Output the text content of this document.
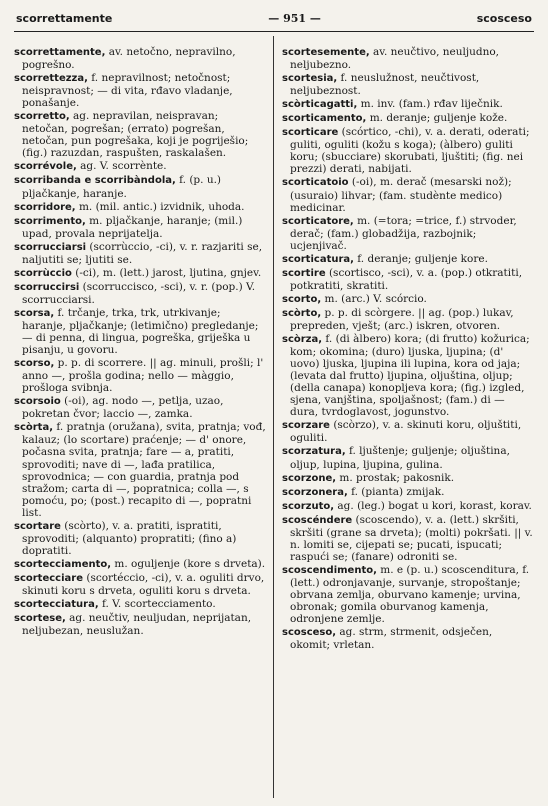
scorrettamente	— 951 —	scosceso

scorrettamente, av. netočno, nepravilno, pogrešno.

scorrettezza, f. nepravilnost; netočnost; neispravnost; — di vita, rđavo vladanje, ponašanje.

scorretto, ag. nepravilan, neispravan; netočan, pogrešan; (errato) pogrešan, netočan, pun pogrešaka, koji je pogriješio; (fig.) razuzdan, raspušten, raskalašen.

scorrévole, ag. V. scorrènte.

scorribanda e scorribàndola, f. (p. u.) pljačkanje, haranje.

scorridore, m. (mil. antic.) izvidnik, uhoda.

scorrimento, m. pljačkanje, haranje; (mil.) upad, provala neprijatelja.

scorrucciarsi (scorrùccio, -ci), v. r. razjariti se, naljutiti se; ljutiti se.

scorrùccio (-ci), m. (lett.) jarost, ljutina, gnjev.

scorruccirsi (scorruccisco, -sci), v. r. (pop.) V. scorrucciarsi.

scorsa, f. trčanje, trka, trk, utrkivanje; haranje, pljačkanje; (letimično) pregledanje; — di penna, di lingua, pogreška, griješka u pisanju, u govoru.

scorso, p. p. di scorrere. || ag. minuli, prošli; l' anno —, prošla godina; nello — màggio, prošloga svibnja.

scorsoio (-oi), ag. nodo —, petlja, uzao, pokretan čvor; laccio —, zamka.

scòrta, f. pratnja (oružana), svita, pratnja; vođ, kalauz; (lo scortare) praćenje; — d' onore, počasna svita, pratnja; fare — a, pratiti, sprovoditi; nave di —, lađa pratilica, sprovodnica; — con guardia, pratnja pod stražom; carta di —, popratnica; colla —, s pomoću, po; (post.) recapito di —, popratni list.

scortare (scòrto), v. a. pratiti, ispratiti, sprovoditi; (alquanto) propratiti; (fino a) dopratiti.

scortecciamento, m. oguljenje (kore s drveta).

scortecciare (scortéccio, -ci), v. a. oguliti drvo, skinuti koru s drveta, oguliti koru s drveta.

scortecciatura, f. V. scortecciamento.

scortese, ag. neučtiv, neuljudan, neprijatan, neljubezan, neuslužan.

scortesemente, av. neučtivo, neuljudno, neljubezno.

scortesia, f. neuslužnost, neučtivost, neljubeznost.

scòrticagatti, m. inv. (fam.) rđav liječnik.

scorticamento, m. deranje; guljenje kože.

scorticare (scórtico, -chi), v. a. derati, oderati; guliti, oguliti (kožu s koga); (àlbero) guliti koru; (sbucciare) skorubati, ljuštiti; (fig. nei prezzi) derati, nabijati.

scorticatoio (-oi), m. derač (mesarski nož); (usuraio) lihvar; (fam. studènte medico) medicinar.

scorticatore, m. (=tora; =trice, f.) strvoder, derač; (fam.) globadžija, razbojnik; ucjenjivač.

scorticatura, f. deranje; guljenje kore.

scortire (scortisco, -sci), v. a. (pop.) otkratiti, potkratiti, skratiti.

scorto, m. (arc.) V. scórcio.

scòrto, p. p. di scòrgere. || ag. (pop.) lukav, prepreden, vješt; (arc.) iskren, otvoren.

scòrza, f. (di àlbero) kora; (di frutto) kožurica; kom; okomina; (duro) ljuska, ljupina; (d' uovo) ljuska, ljupina ili lupina, kora od jaja; (levata dal frutto) ljupina, oljuština, oljup; (della canapa) konopljeva kora; (fig.) izgled, sjena, vanjština, spoljašnost; (fam.) di — dura, tvrdoglavost, jogunstvo.

scorzare (scòrzo), v. a. skinuti koru, oljuštiti, oguliti.

scorzatura, f. ljuštenje; guljenje; oljuština, oljup, lupina, ljupina, gulina.

scorzone, m. prostak; pakosnik.

scorzonera, f. (pianta) zmijak.

scorzuto, ag. (leg.) bogat u kori, korast, korav.

scoscéndere (scoscendo), v. a. (lett.) skršiti, skršiti (grane sa drveta); (molti) pokršati. || v. n. lomiti se, cijepati se; pucati, ispucati; raspući se; (fanare) odroniti se.

scoscendimento, m. e (p. u.) scoscenditura, f. (lett.) odronjavanje, survanje, stropoštanje; obrvana zemlja, oburvano kamenje; urvina, obronak; gomila oburvanog kamenja, odronjene zemlje.

scosceso, ag. strm, strmenit, odsječen, okomit; vrletan.
